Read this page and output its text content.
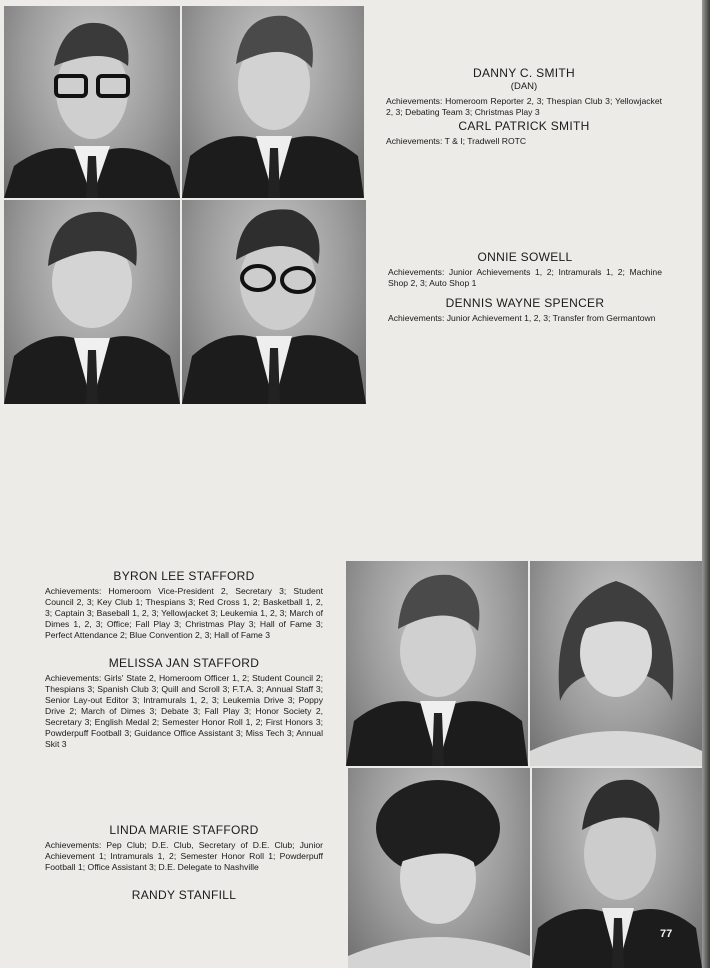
DANNY C. SMITH

(DAN)

Achievements: Homeroom Reporter 2, 3; Thespian Club 3; Yellowjacket 2, 3; Debating Team 3; Christmas Play 3

CARL PATRICK SMITH

Achievements: T & I; Tradwell ROTC

ONNIE SOWELL

Achievements: Junior Achievements 1, 2; Intramurals 1, 2; Machine Shop 2, 3; Auto Shop 1

DENNIS WAYNE SPENCER

Achievements: Junior Achievement 1, 2, 3; Transfer from Germantown

BYRON LEE STAFFORD

Achievements: Homeroom Vice-President 2, Secretary 3; Student Council 2, 3; Key Club 1; Thespians 3; Red Cross 1, 2; Basketball 1, 2, 3; Captain 3; Baseball 1, 2, 3; Yellowjacket 3; Leukemia 1, 2, 3; March of Dimes 1, 2, 3; Office; Fall Play 3; Christmas Play 3; Hall of Fame 3; Perfect Attendance 2; Blue Convention 2, 3; Hall of Fame 3

MELISSA JAN STAFFORD

Achievements: Girls' State 2, Homeroom Officer 1, 2; Student Council 2; Thespians 3; Spanish Club 3; Quill and Scroll 3; F.T.A. 3; Annual Staff 3; Senior Lay-out Editor 3; Intramurals 1, 2, 3; Leukemia Drive 3; Poppy Drive 2; March of Dimes 3; Debate 3; Fall Play 3; Honor Society 2, Secretary 3; English Medal 2; Semester Honor Roll 1, 2; First Honors 3; Powderpuff Football 3; Guidance Office Assistant 3; Miss Tech 3; Annual Skit 3

LINDA MARIE STAFFORD

Achievements: Pep Club; D.E. Club, Secretary of D.E. Club; Junior Achievement 1; Intramurals 1, 2; Semester Honor Roll 1; Powderpuff Football 1; Office Assistant 3; D.E. Delegate to Nashville

RANDY STANFILL

77
